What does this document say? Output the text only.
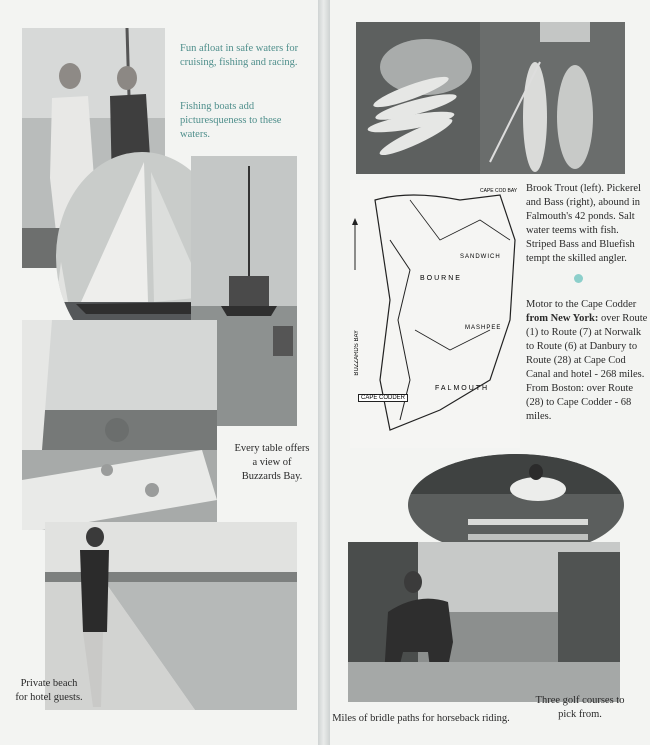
Fun afloat in safe waters for cruising, fishing and racing.

Fishing boats add picturesqueness to these waters.

Every table offers a view of Buzzards Bay.

Private beach for hotel guests.

BUZZARDS BAY
CAPE CODDER
BOURNE
SANDWICH
MASHPEE
FALMOUTH
CAPE COD BAY Brook Trout (left). Pickerel and Bass (right), abound in Falmouth's 42 ponds. Salt water teems with fish. Striped Bass and Bluefish tempt the skilled angler.

Motor to the Cape Codder from New York: over Route (1) to Route (7) at Norwalk to Route (6) at Danbury to Route (28) at Cape Cod Canal and hotel - 268 miles. From Boston: over Route (28) to Cape Codder - 68 miles.

Miles of bridle paths for horseback riding.

Three golf courses to pick from.
